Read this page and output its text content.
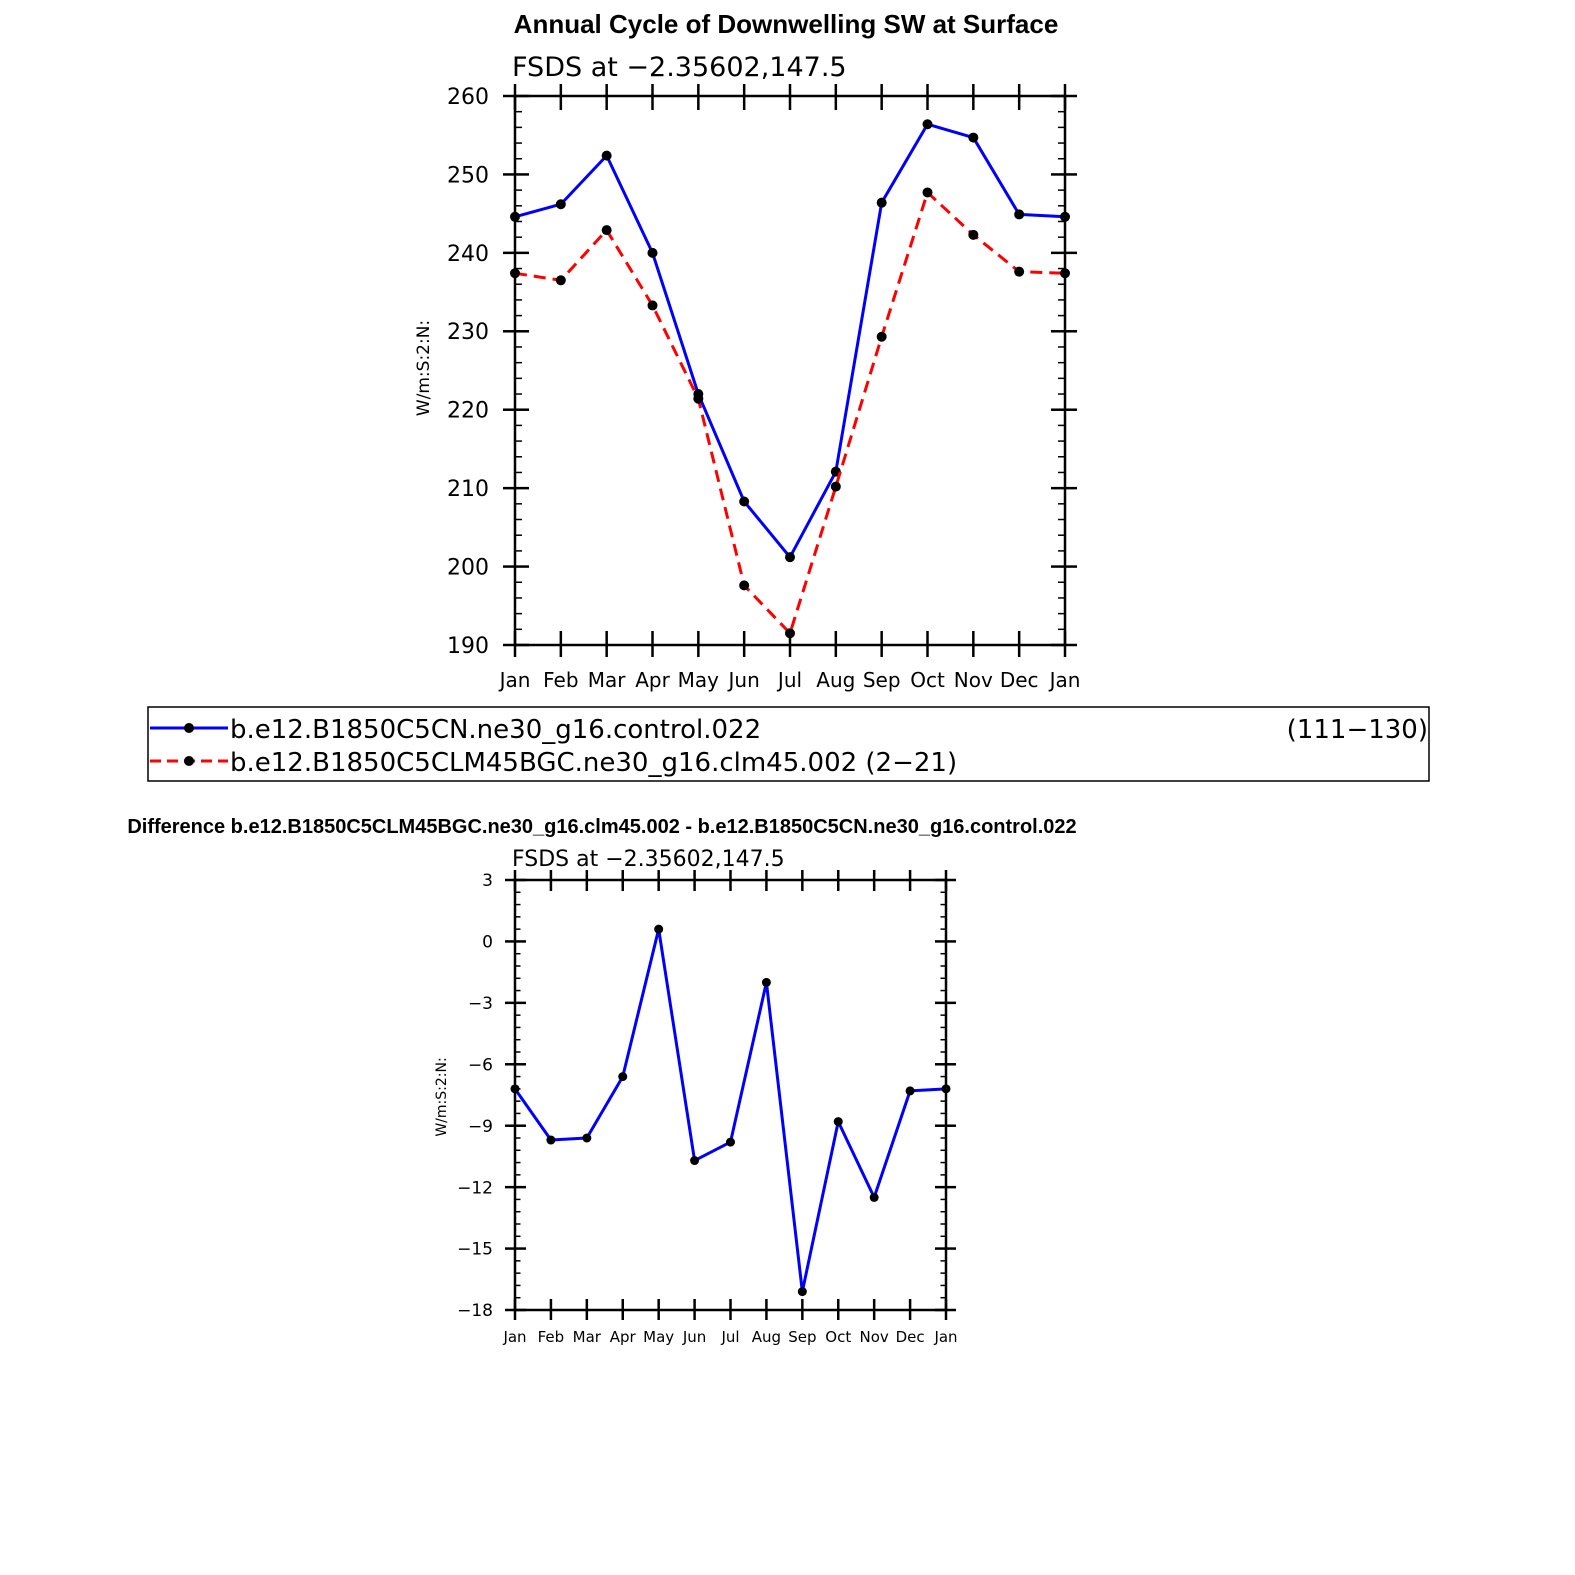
Annual Cycle of Downwelling SW at Surface
FSDS at −2.35602,147.5
W/m:S:2:N:
Jan Feb Mar Apr May Jun Jul Aug Sep Oct Nov Dec Jan
190
200
210
220
230
240
250
260
b.e12.B1850C5CN.ne30_g16.control.022	(111−130)
b.e12.B1850C5CLM45BGC.ne30_g16.clm45.002 (2−21)
Difference b.e12.B1850C5CLM45BGC.ne30_g16.clm45.002 - b.e12.B1850C5CN.ne30_g16.control.022
FSDS at −2.35602,147.5
W/m:S:2:N:
Jan Feb Mar Apr May Jun Jul Aug Sep Oct Nov Dec Jan
−18
−15
−12
−9
−6
−3
0
3
